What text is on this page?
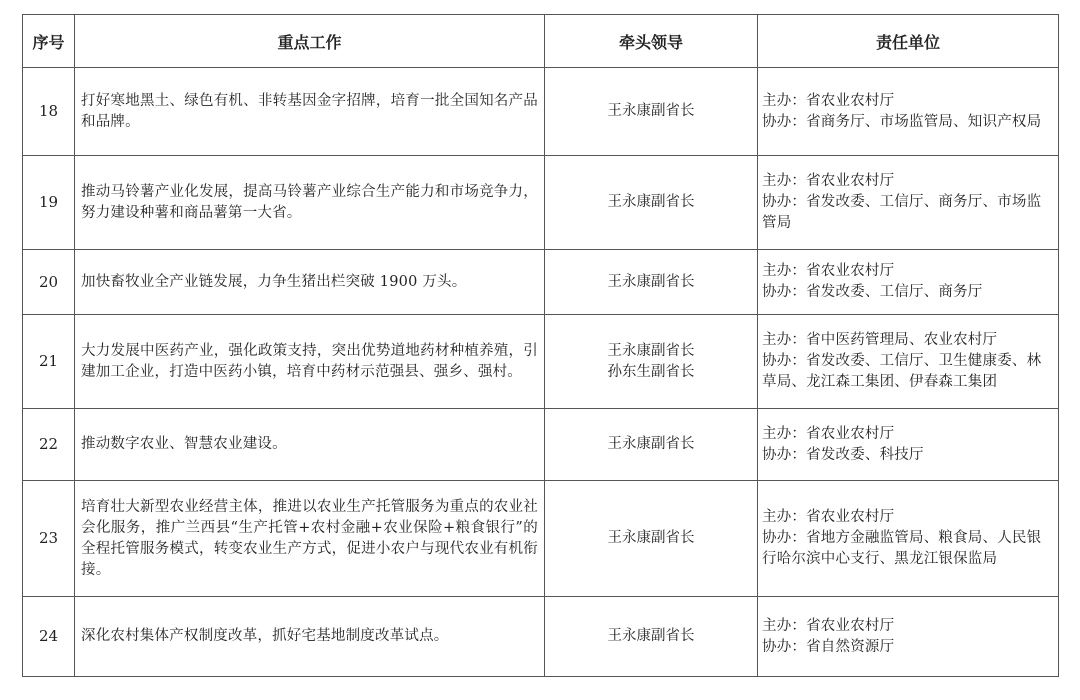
序号	重点工作	牵头领导	责任单位
18	打好寒地黑土、绿色有机、非转基因金字招牌，培育一批全国知名产品和品牌。	王永康副省长	主办：省农业农村厅
协办：省商务厅、市场监管局、知识产权局

19	推动马铃薯产业化发展，提高马铃薯产业综合生产能力和市场竞争力，努力建设种薯和商品薯第一大省。	王永康副省长	主办：省农业农村厅
协办：省发改委、工信厅、商务厅、市场监管局

20	加快畜牧业全产业链发展，力争生猪出栏突破 1900 万头。	王永康副省长	主办：省农业农村厅
协办：省发改委、工信厅、商务厅

21	大力发展中医药产业，强化政策支持，突出优势道地药材种植养殖，引建加工企业，打造中医药小镇，培育中药材示范强县、强乡、强村。	王永康副省长
孙东生副省长	主办：省中医药管理局、农业农村厅
协办：省发改委、工信厅、卫生健康委、林草局、龙江森工集团、伊春森工集团

22	推动数字农业、智慧农业建设。	王永康副省长	主办：省农业农村厅
协办：省发改委、科技厅

23	培育壮大新型农业经营主体，推进以农业生产托管服务为重点的农业社会化服务，推广兰西县“生产托管+农村金融+农业保险+粮食银行”的全程托管服务模式，转变农业生产方式，促进小农户与现代农业有机衔接。	王永康副省长	主办：省农业农村厅
协办：省地方金融监管局、粮食局、人民银行哈尔滨中心支行、黑龙江银保监局

24	深化农村集体产权制度改革，抓好宅基地制度改革试点。	王永康副省长	主办：省农业农村厅
协办：省自然资源厅
